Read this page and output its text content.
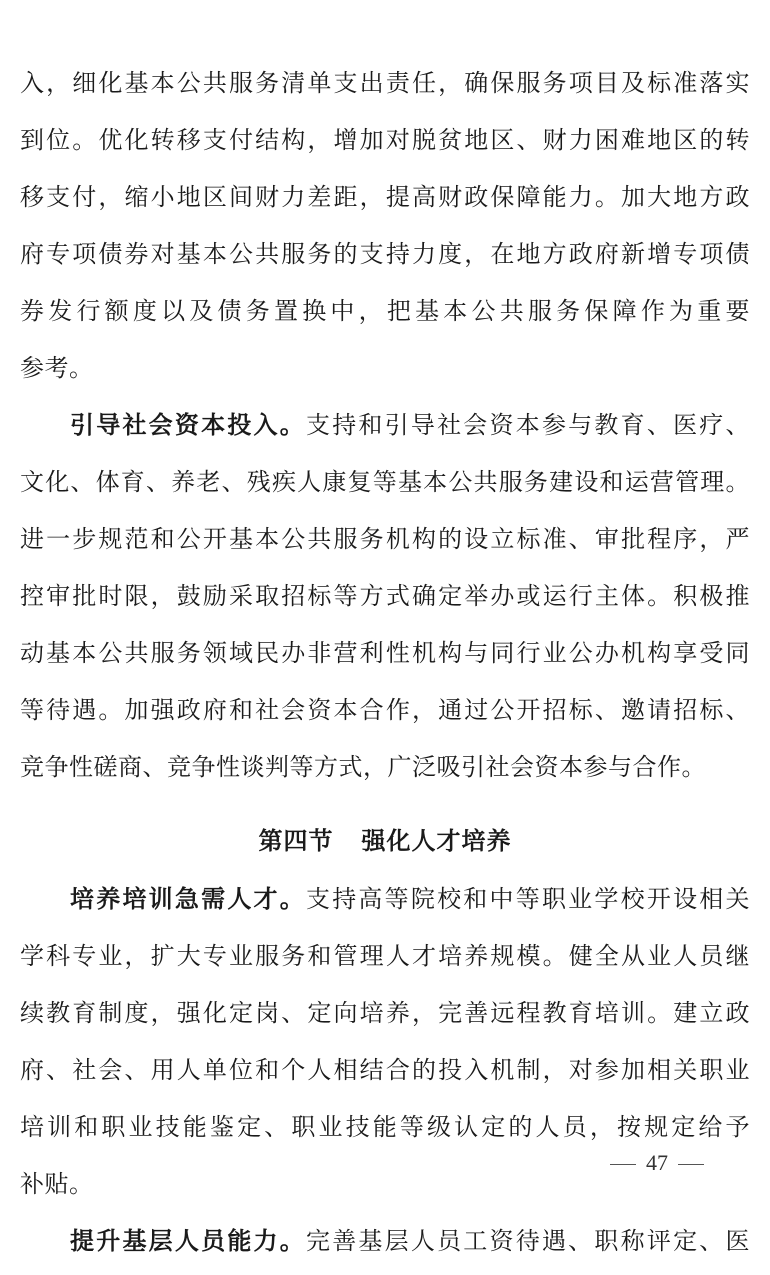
入，细化基本公共服务清单支出责任，确保服务项目及标准落实
到位。优化转移支付结构，增加对脱贫地区、财力困难地区的转
移支付，缩小地区间财力差距，提高财政保障能力。加大地方政
府专项债券对基本公共服务的支持力度，在地方政府新增专项债
券发行额度以及债务置换中，把基本公共服务保障作为重要
参考。
引导社会资本投入。支持和引导社会资本参与教育、医疗、
文化、体育、养老、残疾人康复等基本公共服务建设和运营管理。
进一步规范和公开基本公共服务机构的设立标准、审批程序，严
控审批时限，鼓励采取招标等方式确定举办或运行主体。积极推
动基本公共服务领域民办非营利性机构与同行业公办机构享受同
等待遇。加强政府和社会资本合作，通过公开招标、邀请招标、
竞争性磋商、竞争性谈判等方式，广泛吸引社会资本参与合作。
第四节 强化人才培养
培养培训急需人才。支持高等院校和中等职业学校开设相关
学科专业，扩大专业服务和管理人才培养规模。健全从业人员继
续教育制度，强化定岗、定向培养，完善远程教育培训。建立政
府、社会、用人单位和个人相结合的投入机制，对参加相关职业
培训和职业技能鉴定、职业技能等级认定的人员，按规定给予
补贴。
提升基层人员能力。完善基层人员工资待遇、职称评定、医
47
